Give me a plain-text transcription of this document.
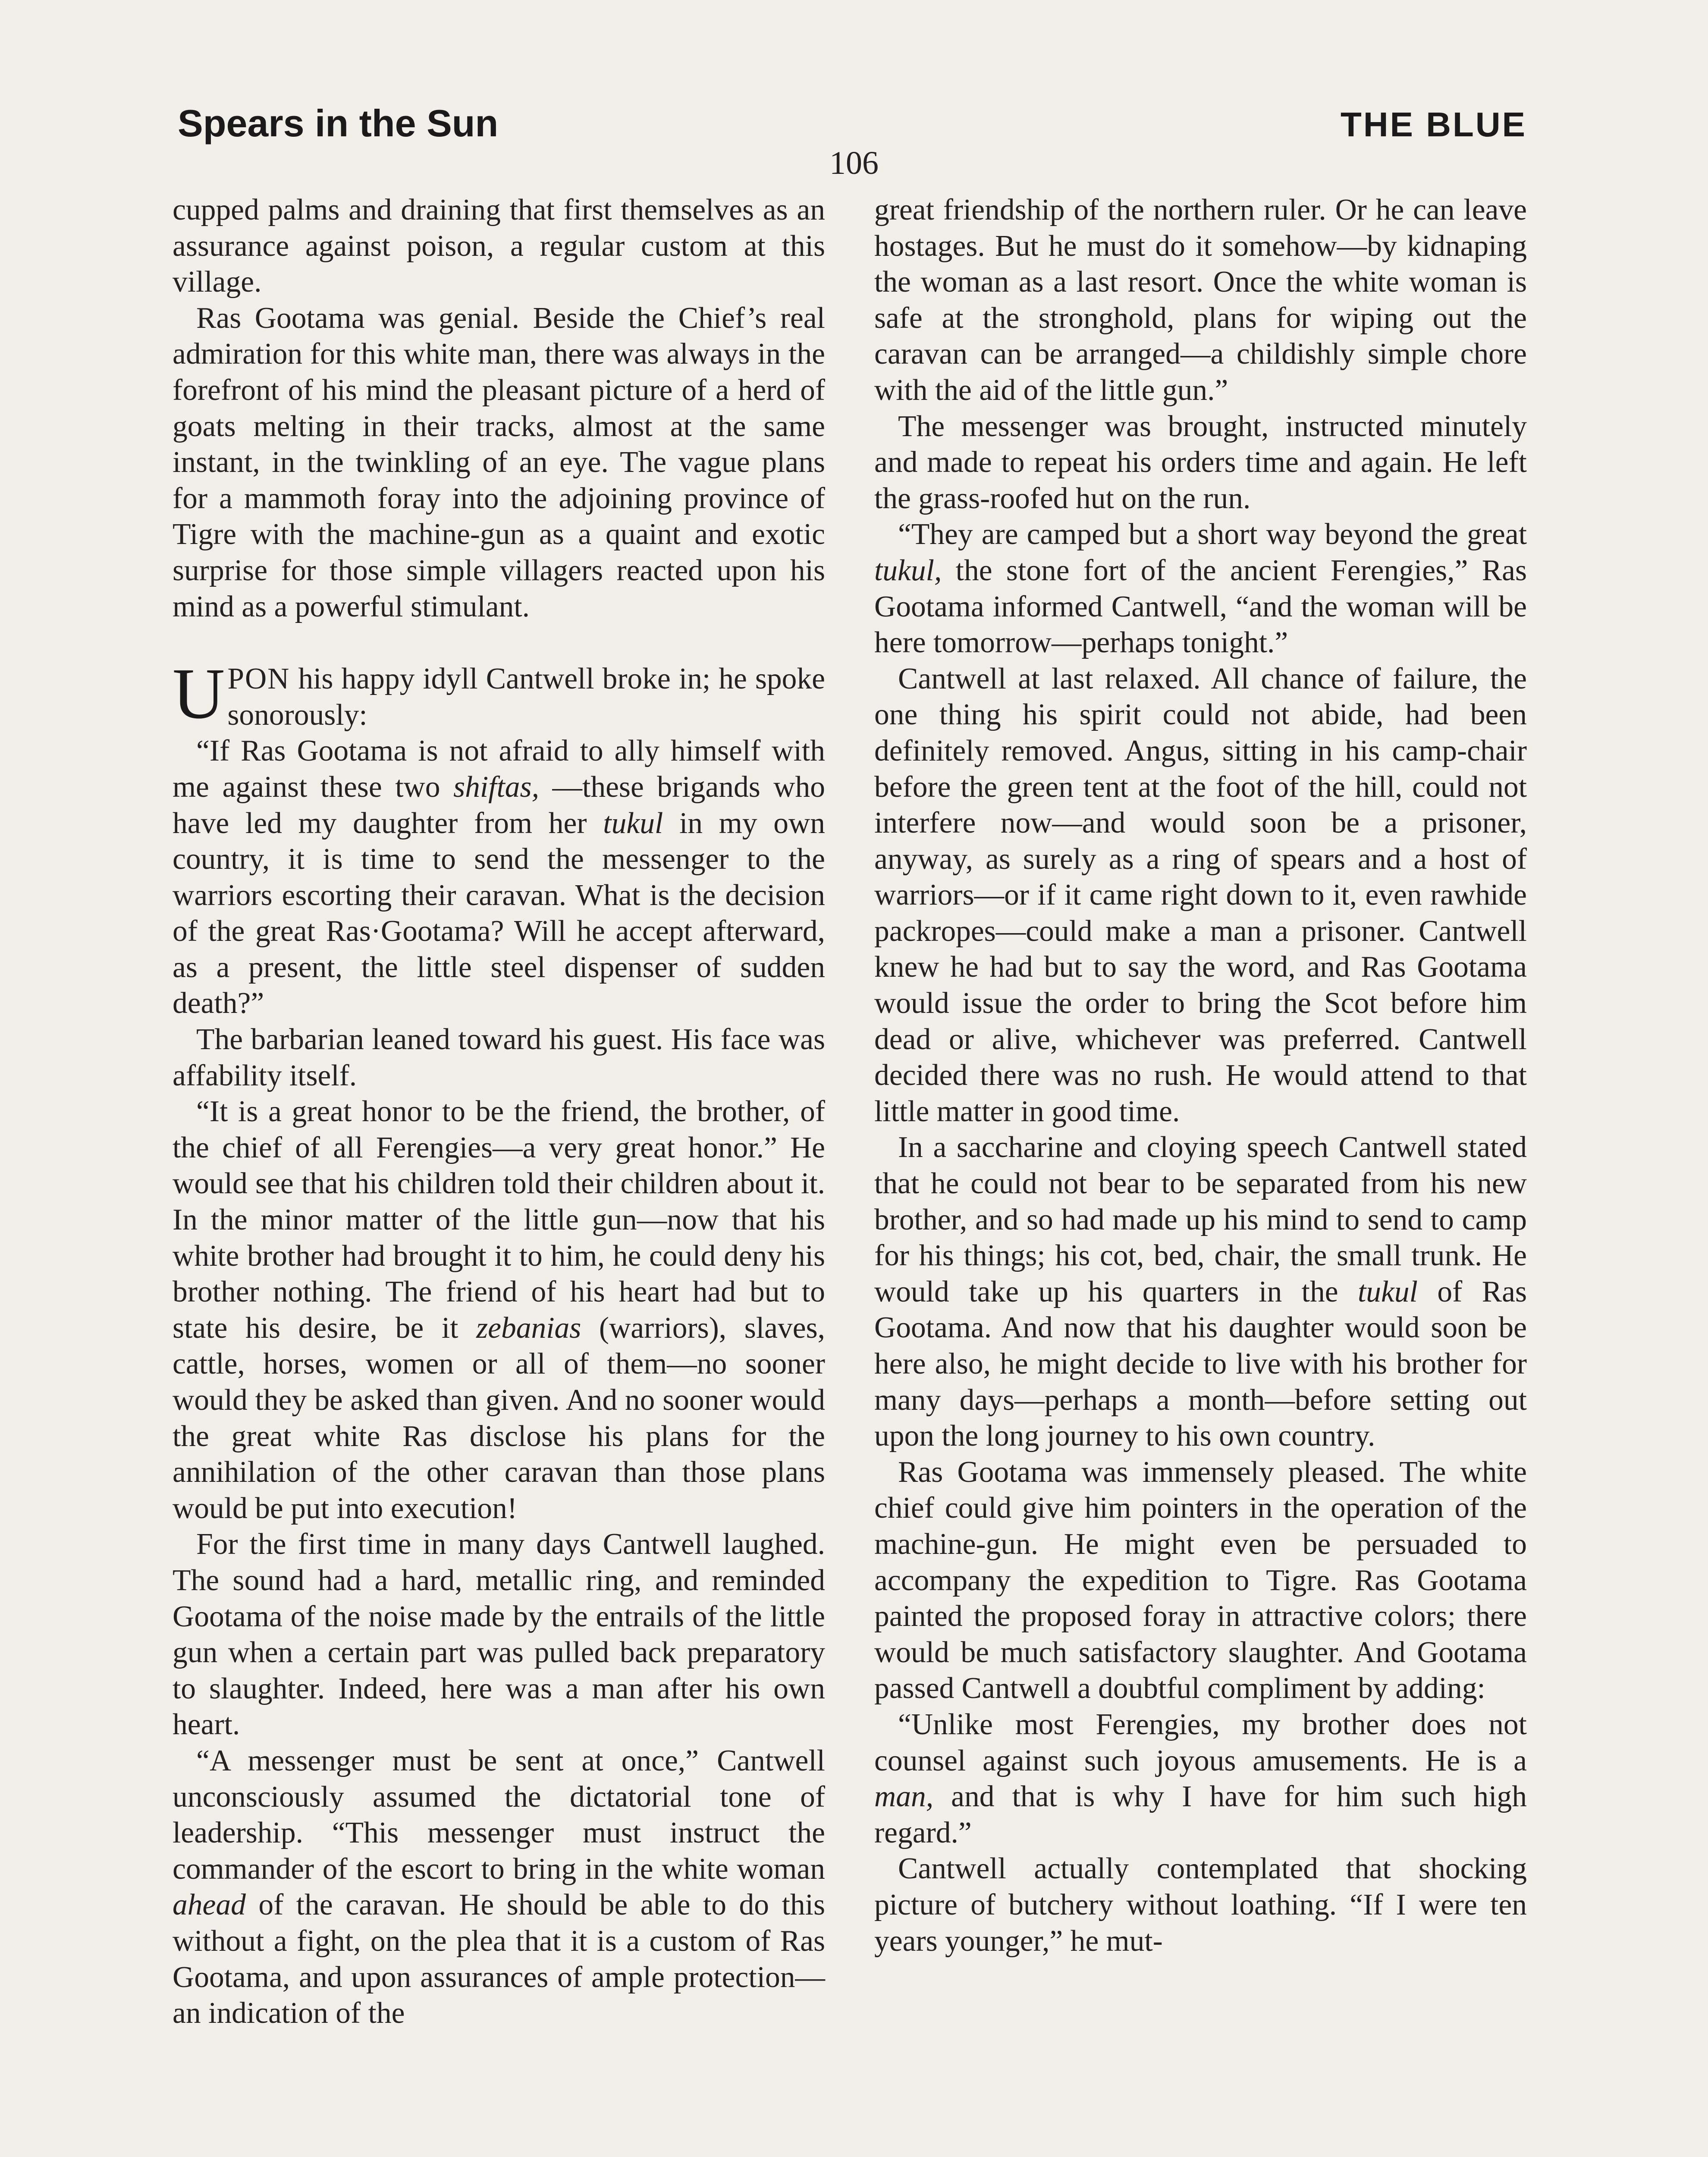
Spears in the Sun	THE BLUE
106

cupped palms and draining that first themselves as an assurance against poison, a regular custom at this village.

Ras Gootama was genial. Beside the Chief’s real admiration for this white man, there was always in the forefront of his mind the pleasant picture of a herd of goats melting in their tracks, almost at the same instant, in the twinkling of an eye. The vague plans for a mammoth foray into the adjoining province of Tigre with the machine-gun as a quaint and exotic surprise for those simple villagers reacted upon his mind as a powerful stimulant.

UPON his happy idyll Cantwell broke in; he spoke sonorously:

“If Ras Gootama is not afraid to ally himself with me against these two shiftas, —these brigands who have led my daughter from her tukul in my own country, it is time to send the messenger to the warriors escorting their caravan. What is the decision of the great Ras·Gootama? Will he accept afterward, as a present, the little steel dispenser of sudden death?”

The barbarian leaned toward his guest. His face was affability itself.

“It is a great honor to be the friend, the brother, of the chief of all Ferengies—a very great honor.” He would see that his children told their children about it. In the minor matter of the little gun—now that his white brother had brought it to him, he could deny his brother nothing. The friend of his heart had but to state his desire, be it zebanias (warriors), slaves, cattle, horses, women or all of them—no sooner would they be asked than given. And no sooner would the great white Ras disclose his plans for the annihilation of the other caravan than those plans would be put into execution!

For the first time in many days Cantwell laughed. The sound had a hard, metallic ring, and reminded Gootama of the noise made by the entrails of the little gun when a certain part was pulled back preparatory to slaughter. Indeed, here was a man after his own heart.

“A messenger must be sent at once,” Cantwell unconsciously assumed the dictatorial tone of leadership. “This messenger must instruct the commander of the escort to bring in the white woman ahead of the caravan. He should be able to do this without a fight, on the plea that it is a custom of Ras Gootama, and upon assurances of ample protection—an indication of the

great friendship of the northern ruler. Or he can leave hostages. But he must do it somehow—by kidnaping the woman as a last resort. Once the white woman is safe at the stronghold, plans for wiping out the caravan can be arranged—a childishly simple chore with the aid of the little gun.”

The messenger was brought, instructed minutely and made to repeat his orders time and again. He left the grass-roofed hut on the run.

“They are camped but a short way beyond the great tukul, the stone fort of the ancient Ferengies,” Ras Gootama informed Cantwell, “and the woman will be here tomorrow—perhaps tonight.”

Cantwell at last relaxed. All chance of failure, the one thing his spirit could not abide, had been definitely removed. Angus, sitting in his camp-chair before the green tent at the foot of the hill, could not interfere now—and would soon be a prisoner, anyway, as surely as a ring of spears and a host of warriors—or if it came right down to it, even rawhide packropes—could make a man a prisoner. Cantwell knew he had but to say the word, and Ras Gootama would issue the order to bring the Scot before him dead or alive, whichever was preferred. Cantwell decided there was no rush. He would attend to that little matter in good time.

In a saccharine and cloying speech Cantwell stated that he could not bear to be separated from his new brother, and so had made up his mind to send to camp for his things; his cot, bed, chair, the small trunk. He would take up his quarters in the tukul of Ras Gootama. And now that his daughter would soon be here also, he might decide to live with his brother for many days—perhaps a month—before setting out upon the long journey to his own country.

Ras Gootama was immensely pleased. The white chief could give him pointers in the operation of the machine-gun. He might even be persuaded to accompany the expedition to Tigre. Ras Gootama painted the proposed foray in attractive colors; there would be much satisfactory slaughter. And Gootama passed Cantwell a doubtful compliment by adding:

“Unlike most Ferengies, my brother does not counsel against such joyous amusements. He is a man, and that is why I have for him such high regard.”

Cantwell actually contemplated that shocking picture of butchery without loathing. “If I were ten years younger,” he mut-
